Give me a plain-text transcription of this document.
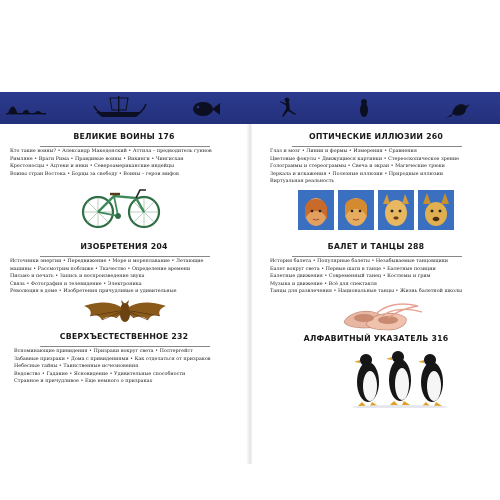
ВЕЛИКИЕ ВОИНЫ 176
Кто такие воины? • Александр Македонский • Аттила – предводитель гуннов
Римляне • Враги Рима • Правдивые воины • Викинги • Чингисхан
Крестоносцы • Ацтеки и инки • Североамериканские индейцы
Воины стран Востока • Борцы за свободу • Воины – герои мифов
ИЗОБРЕТЕНИЯ 204
Источники энергии • Передвижение • Море и мореплавание • Летающие
машины • Рассмотрим поближе • Ткачество • Определение времени
Письмо и печать • Запись и воспроизведение звука
Связь • Фотография и телевидение • Электроника
Революция в доме • Изобретения причудливые и удивительные
СВЕРХЪЕСТЕСТВЕННОЕ 232
Вспоминающие привидения • Призраки вокруг света • Полтергейст
Забавные призраки • Дома с привидениями • Как отделаться от призраков
Небесные тайны • Таинственные исчезновения
Ведовство • Гадание • Ясновидение • Удивительные способности
Странное и причудливое • Еще немного о призраках
ОПТИЧЕСКИЕ ИЛЛЮЗИИ 260
Глаз и мозг • Линии и формы • Измерения • Сравнения
Цветовые фокусы • Движущиеся картинки • Стереоскопическое зрение
Голограммы и стереограммы • Свеча и экран • Магические трюки
Зеркала и искажения • Полезные иллюзии • Природные иллюзии
Виртуальная реальность
БАЛЕТ И ТАНЦЫ 288
История балета • Популярные балеты • Незабываемые танцовщики
Балет вокруг света • Первые шаги в танце • Балетные позиции
Балетные движения • Современный танец • Костюмы и грим
Музыка и движение • Всё для спектакля
Танцы для развлечения • Национальные танцы • Жизнь балетной школы
АЛФАВИТНЫЙ УКАЗАТЕЛЬ 316
